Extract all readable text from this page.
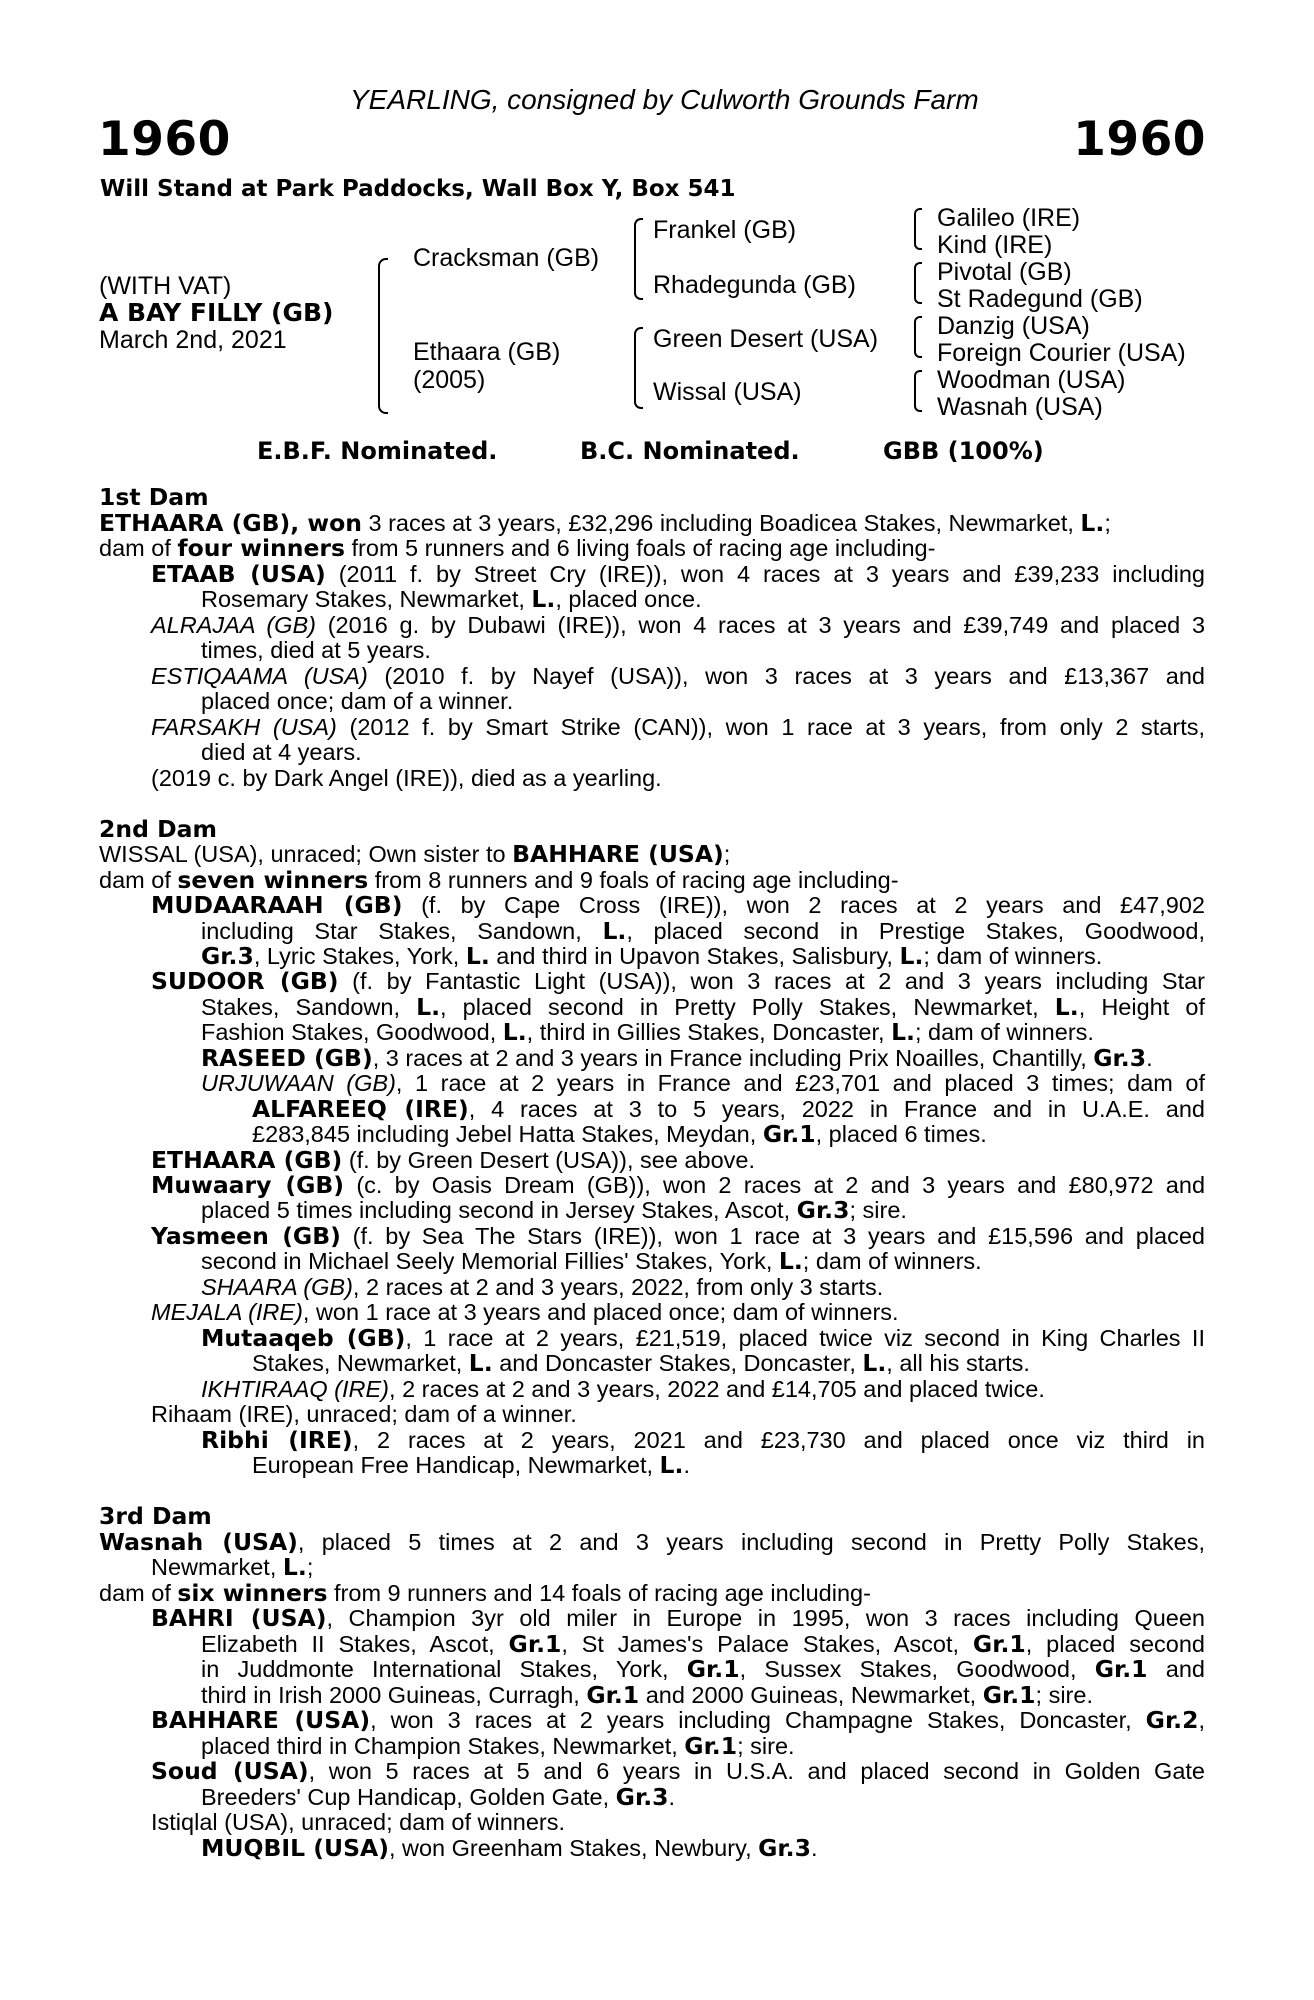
YEARLING, consigned by Culworth Grounds Farm
1960	1960
Will Stand at Park Paddocks, Wall Box Y, Box 541
(WITH VAT)
A BAY FILLY (GB)
March 2nd, 2021
Cracksman (GB)
Ethaara (GB)
(2005)
Frankel (GB)
Rhadegunda (GB)
Green Desert (USA)
Wissal (USA)
Galileo (IRE)
Kind (IRE)
Pivotal (GB)
St Radegund (GB)
Danzig (USA)
Foreign Courier (USA)
Woodman (USA)
Wasnah (USA)
E.B.F. Nominated.	B.C. Nominated.	GBB (100%)
1st Dam
ETHAARA (GB), won 3 races at 3 years, £32,296 including Boadicea Stakes, Newmarket, L.;
dam of four winners from 5 runners and 6 living foals of racing age including-
ETAAB (USA) (2011 f. by Street Cry (IRE)), won 4 races at 3 years and £39,233 including
Rosemary Stakes, Newmarket, L., placed once.
ALRAJAA (GB) (2016 g. by Dubawi (IRE)), won 4 races at 3 years and £39,749 and placed 3
times, died at 5 years.
ESTIQAAMA (USA) (2010 f. by Nayef (USA)), won 3 races at 3 years and £13,367 and
placed once; dam of a winner.
FARSAKH (USA) (2012 f. by Smart Strike (CAN)), won 1 race at 3 years, from only 2 starts,
died at 4 years.
(2019 c. by Dark Angel (IRE)), died as a yearling.
2nd Dam
WISSAL (USA), unraced; Own sister to BAHHARE (USA);
dam of seven winners from 8 runners and 9 foals of racing age including-
MUDAARAAH (GB) (f. by Cape Cross (IRE)), won 2 races at 2 years and £47,902
including Star Stakes, Sandown, L., placed second in Prestige Stakes, Goodwood,
Gr.3, Lyric Stakes, York, L. and third in Upavon Stakes, Salisbury, L.; dam of winners.
SUDOOR (GB) (f. by Fantastic Light (USA)), won 3 races at 2 and 3 years including Star
Stakes, Sandown, L., placed second in Pretty Polly Stakes, Newmarket, L., Height of
Fashion Stakes, Goodwood, L., third in Gillies Stakes, Doncaster, L.; dam of winners.
RASEED (GB), 3 races at 2 and 3 years in France including Prix Noailles, Chantilly, Gr.3.
URJUWAAN (GB), 1 race at 2 years in France and £23,701 and placed 3 times; dam of
ALFAREEQ (IRE), 4 races at 3 to 5 years, 2022 in France and in U.A.E. and
£283,845 including Jebel Hatta Stakes, Meydan, Gr.1, placed 6 times.
ETHAARA (GB) (f. by Green Desert (USA)), see above.
Muwaary (GB) (c. by Oasis Dream (GB)), won 2 races at 2 and 3 years and £80,972 and
placed 5 times including second in Jersey Stakes, Ascot, Gr.3; sire.
Yasmeen (GB) (f. by Sea The Stars (IRE)), won 1 race at 3 years and £15,596 and placed
second in Michael Seely Memorial Fillies' Stakes, York, L.; dam of winners.
SHAARA (GB), 2 races at 2 and 3 years, 2022, from only 3 starts.
MEJALA (IRE), won 1 race at 3 years and placed once; dam of winners.
Mutaaqeb (GB), 1 race at 2 years, £21,519, placed twice viz second in King Charles II
Stakes, Newmarket, L. and Doncaster Stakes, Doncaster, L., all his starts.
IKHTIRAAQ (IRE), 2 races at 2 and 3 years, 2022 and £14,705 and placed twice.
Rihaam (IRE), unraced; dam of a winner.
Ribhi (IRE), 2 races at 2 years, 2021 and £23,730 and placed once viz third in
European Free Handicap, Newmarket, L..
3rd Dam
Wasnah (USA), placed 5 times at 2 and 3 years including second in Pretty Polly Stakes,
Newmarket, L.;
dam of six winners from 9 runners and 14 foals of racing age including-
BAHRI (USA), Champion 3yr old miler in Europe in 1995, won 3 races including Queen
Elizabeth II Stakes, Ascot, Gr.1, St James's Palace Stakes, Ascot, Gr.1, placed second
in Juddmonte International Stakes, York, Gr.1, Sussex Stakes, Goodwood, Gr.1 and
third in Irish 2000 Guineas, Curragh, Gr.1 and 2000 Guineas, Newmarket, Gr.1; sire.
BAHHARE (USA), won 3 races at 2 years including Champagne Stakes, Doncaster, Gr.2,
placed third in Champion Stakes, Newmarket, Gr.1; sire.
Soud (USA), won 5 races at 5 and 6 years in U.S.A. and placed second in Golden Gate
Breeders' Cup Handicap, Golden Gate, Gr.3.
Istiqlal (USA), unraced; dam of winners.
MUQBIL (USA), won Greenham Stakes, Newbury, Gr.3.
